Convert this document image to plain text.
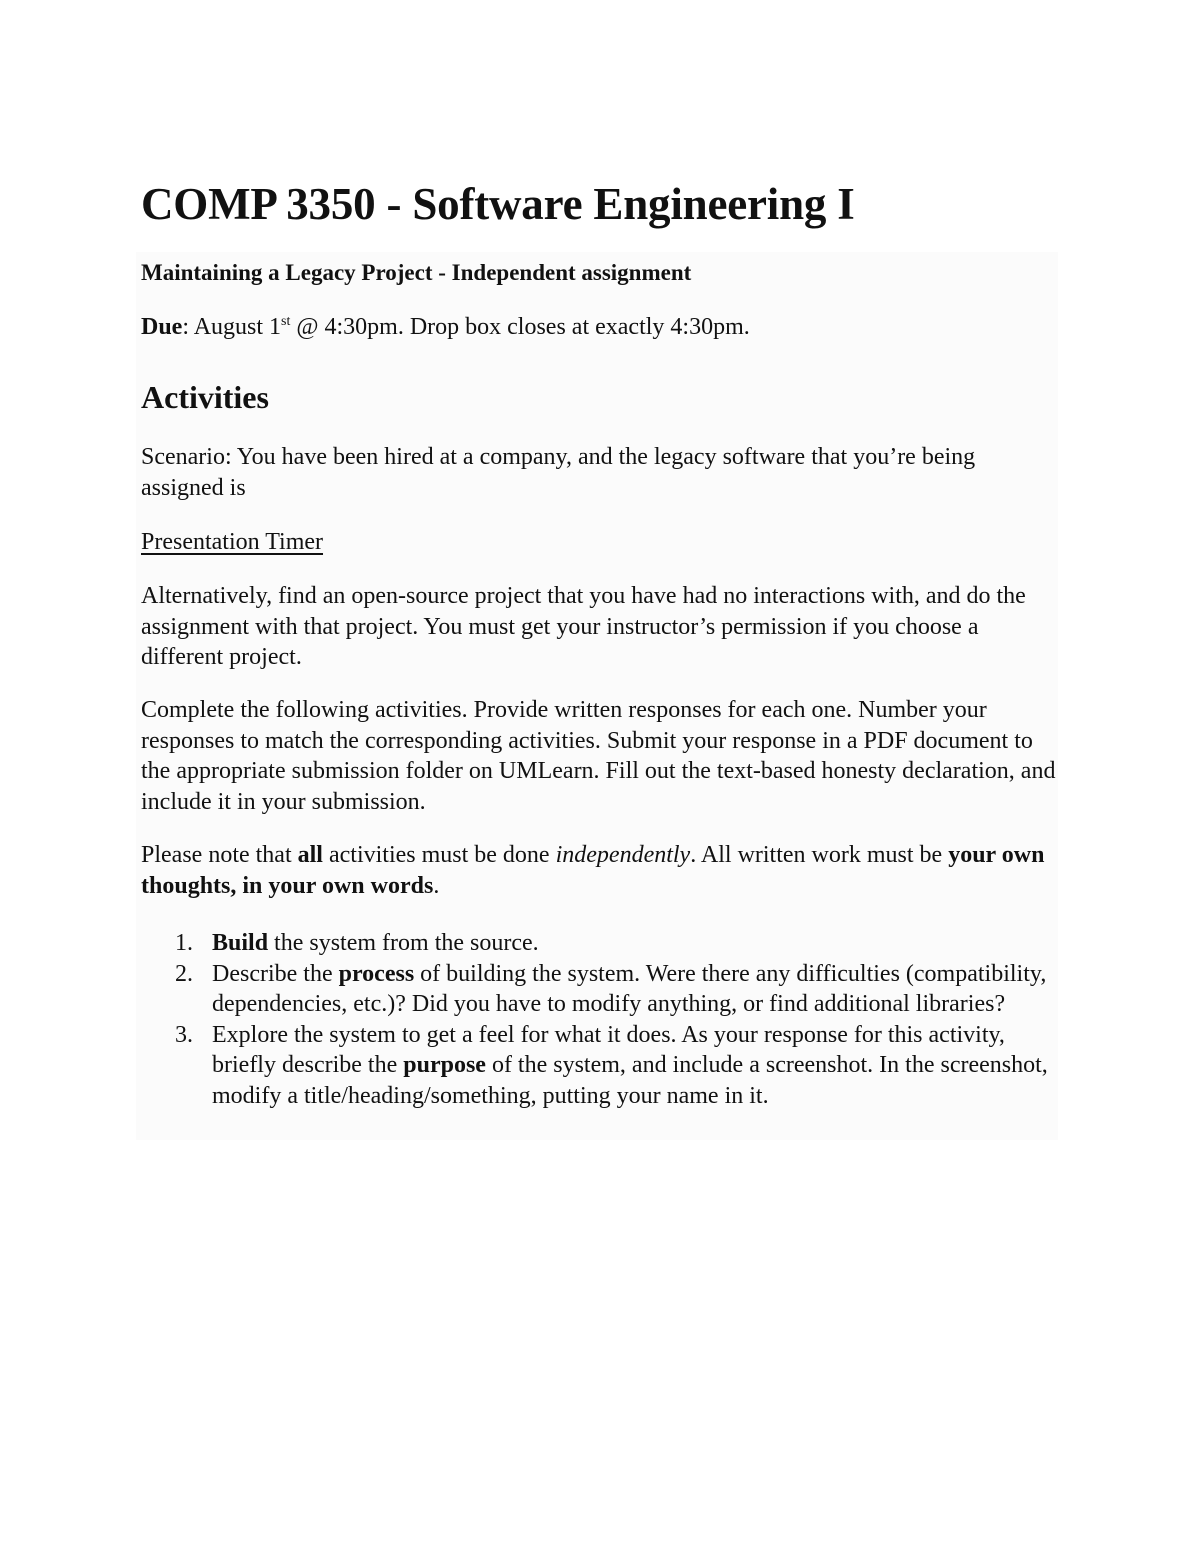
COMP 3350 - Software Engineering I

Maintaining a Legacy Project - Independent assignment

Due: August 1st @ 4:30pm. Drop box closes at exactly 4:30pm.

Activities

Scenario: You have been hired at a company, and the legacy software that you’re being assigned is

Presentation Timer

Alternatively, find an open-source project that you have had no interactions with, and do the assignment with that project. You must get your instructor’s permission if you choose a different project.

Complete the following activities. Provide written responses for each one. Number your responses to match the corresponding activities. Submit your response in a PDF document to the appropriate submission folder on UMLearn. Fill out the text-based honesty declaration, and include it in your submission.

Please note that all activities must be done independently. All written work must be your own thoughts, in your own words.

1. Build the system from the source.
2. Describe the process of building the system. Were there any difficulties (compatibility, dependencies, etc.)? Did you have to modify anything, or find additional libraries?
3. Explore the system to get a feel for what it does. As your response for this activity, briefly describe the purpose of the system, and include a screenshot. In the screenshot, modify a title/heading/something, putting your name in it.
